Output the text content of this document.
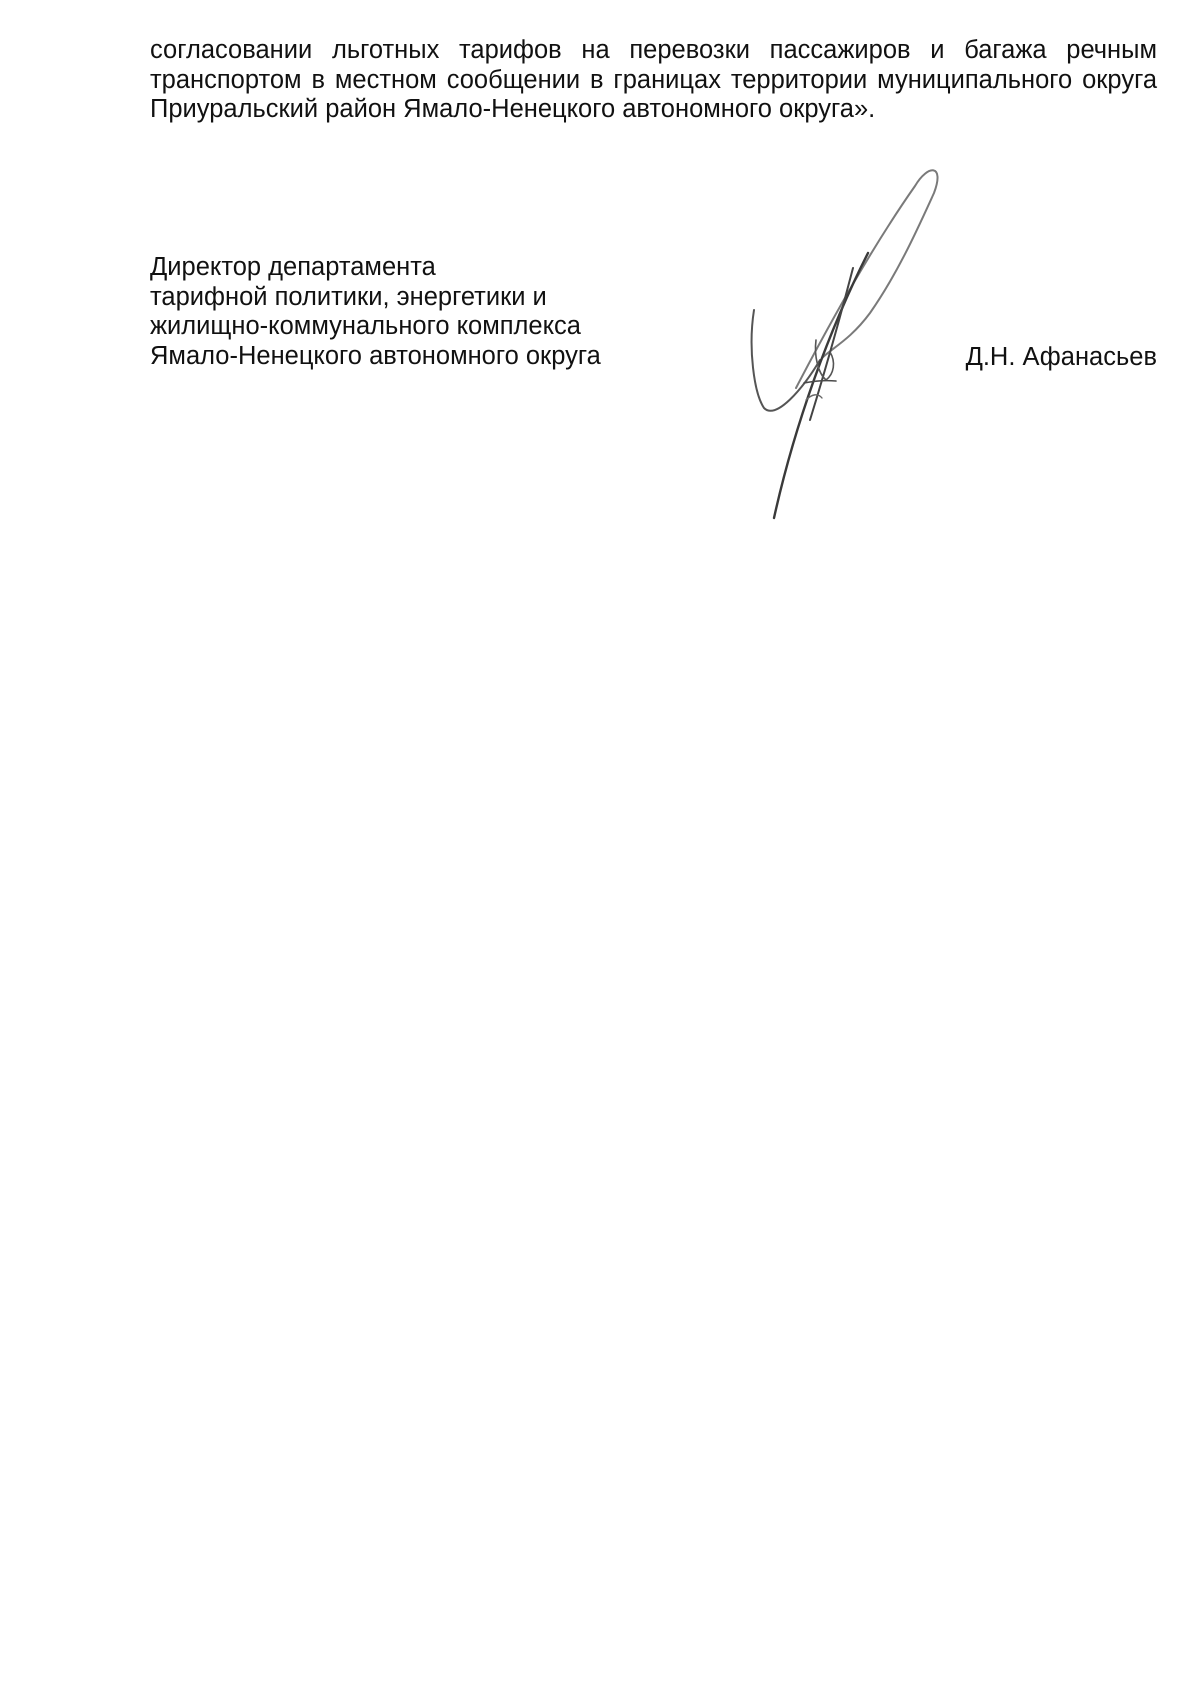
согласовании льготных тарифов на перевозки пассажиров и багажа речным транспортом в местном сообщении в границах территории муниципального округа Приуральский район Ямало-Ненецкого автономного округа».

Директор департамента
тарифной политики, энергетики и
жилищно-коммунального комплекса
Ямало-Ненецкого автономного округа	Д.Н. Афанасьев
